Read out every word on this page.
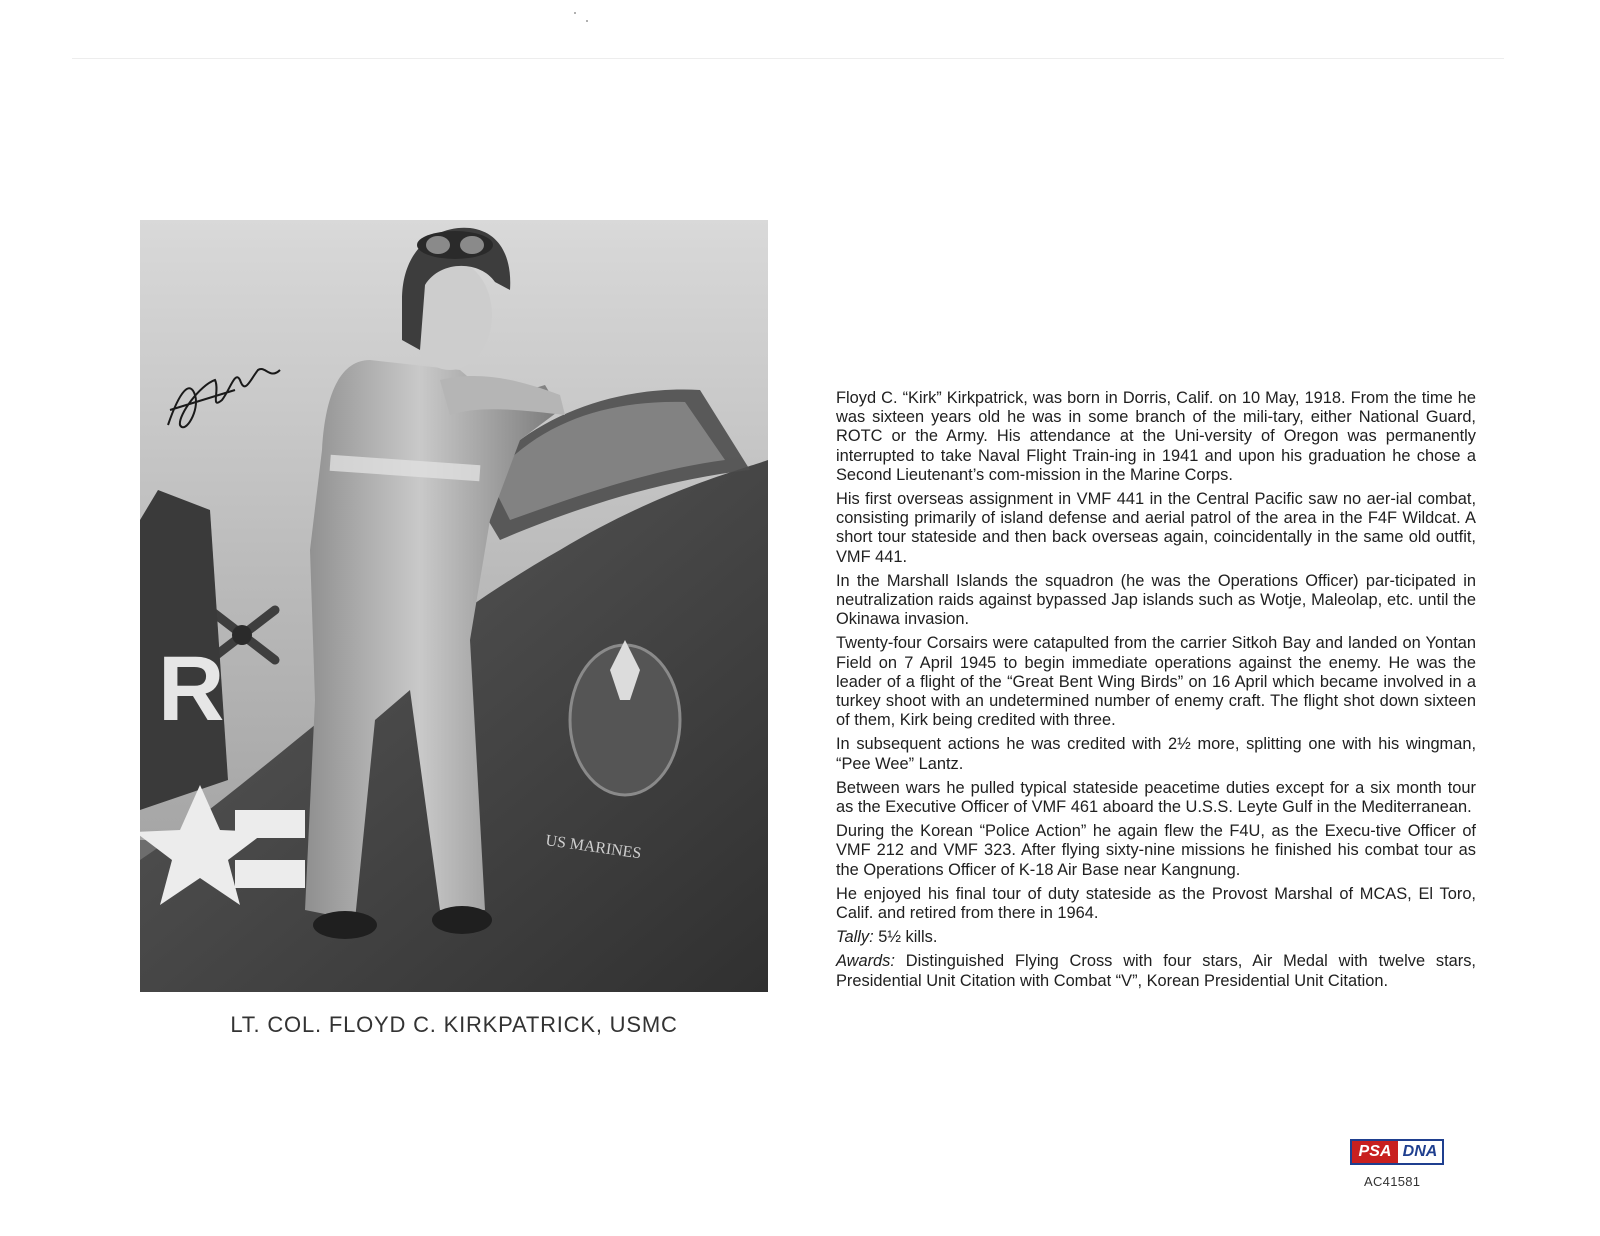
R
US MARINES
LT. COL. FLOYD C. KIRKPATRICK, USMC

Floyd C. “Kirk” Kirkpatrick, was born in Dorris, Calif. on 10 May, 1918. From the time he was sixteen years old he was in some branch of the mili-tary, either National Guard, ROTC or the Army. His attendance at the Uni-versity of Oregon was permanently interrupted to take Naval Flight Train-ing in 1941 and upon his graduation he chose a Second Lieutenant’s com-mission in the Marine Corps.

His first overseas assignment in VMF 441 in the Central Pacific saw no aer-ial combat, consisting primarily of island defense and aerial patrol of the area in the F4F Wildcat. A short tour stateside and then back overseas again, coincidentally in the same old outfit, VMF 441.

In the Marshall Islands the squadron (he was the Operations Officer) par-ticipated in neutralization raids against bypassed Jap islands such as Wotje, Maleolap, etc. until the Okinawa invasion.

Twenty-four Corsairs were catapulted from the carrier Sitkoh Bay and landed on Yontan Field on 7 April 1945 to begin immediate operations against the enemy. He was the leader of a flight of the “Great Bent Wing Birds” on 16 April which became involved in a turkey shoot with an undetermined number of enemy craft. The flight shot down sixteen of them, Kirk being credited with three.

In subsequent actions he was credited with 2½ more, splitting one with his wingman, “Pee Wee” Lantz.

Between wars he pulled typical stateside peacetime duties except for a six month tour as the Executive Officer of VMF 461 aboard the U.S.S. Leyte Gulf in the Mediterranean.

During the Korean “Police Action” he again flew the F4U, as the Execu-tive Officer of VMF 212 and VMF 323. After flying sixty-nine missions he finished his combat tour as the Operations Officer of K-18 Air Base near Kangnung.

He enjoyed his final tour of duty stateside as the Provost Marshal of MCAS, El Toro, Calif. and retired from there in 1964.

Tally: 5½ kills.

Awards: Distinguished Flying Cross with four stars, Air Medal with twelve stars, Presidential Unit Citation with Combat “V”, Korean Presidential Unit Citation.

PSA DNA
AC41581
